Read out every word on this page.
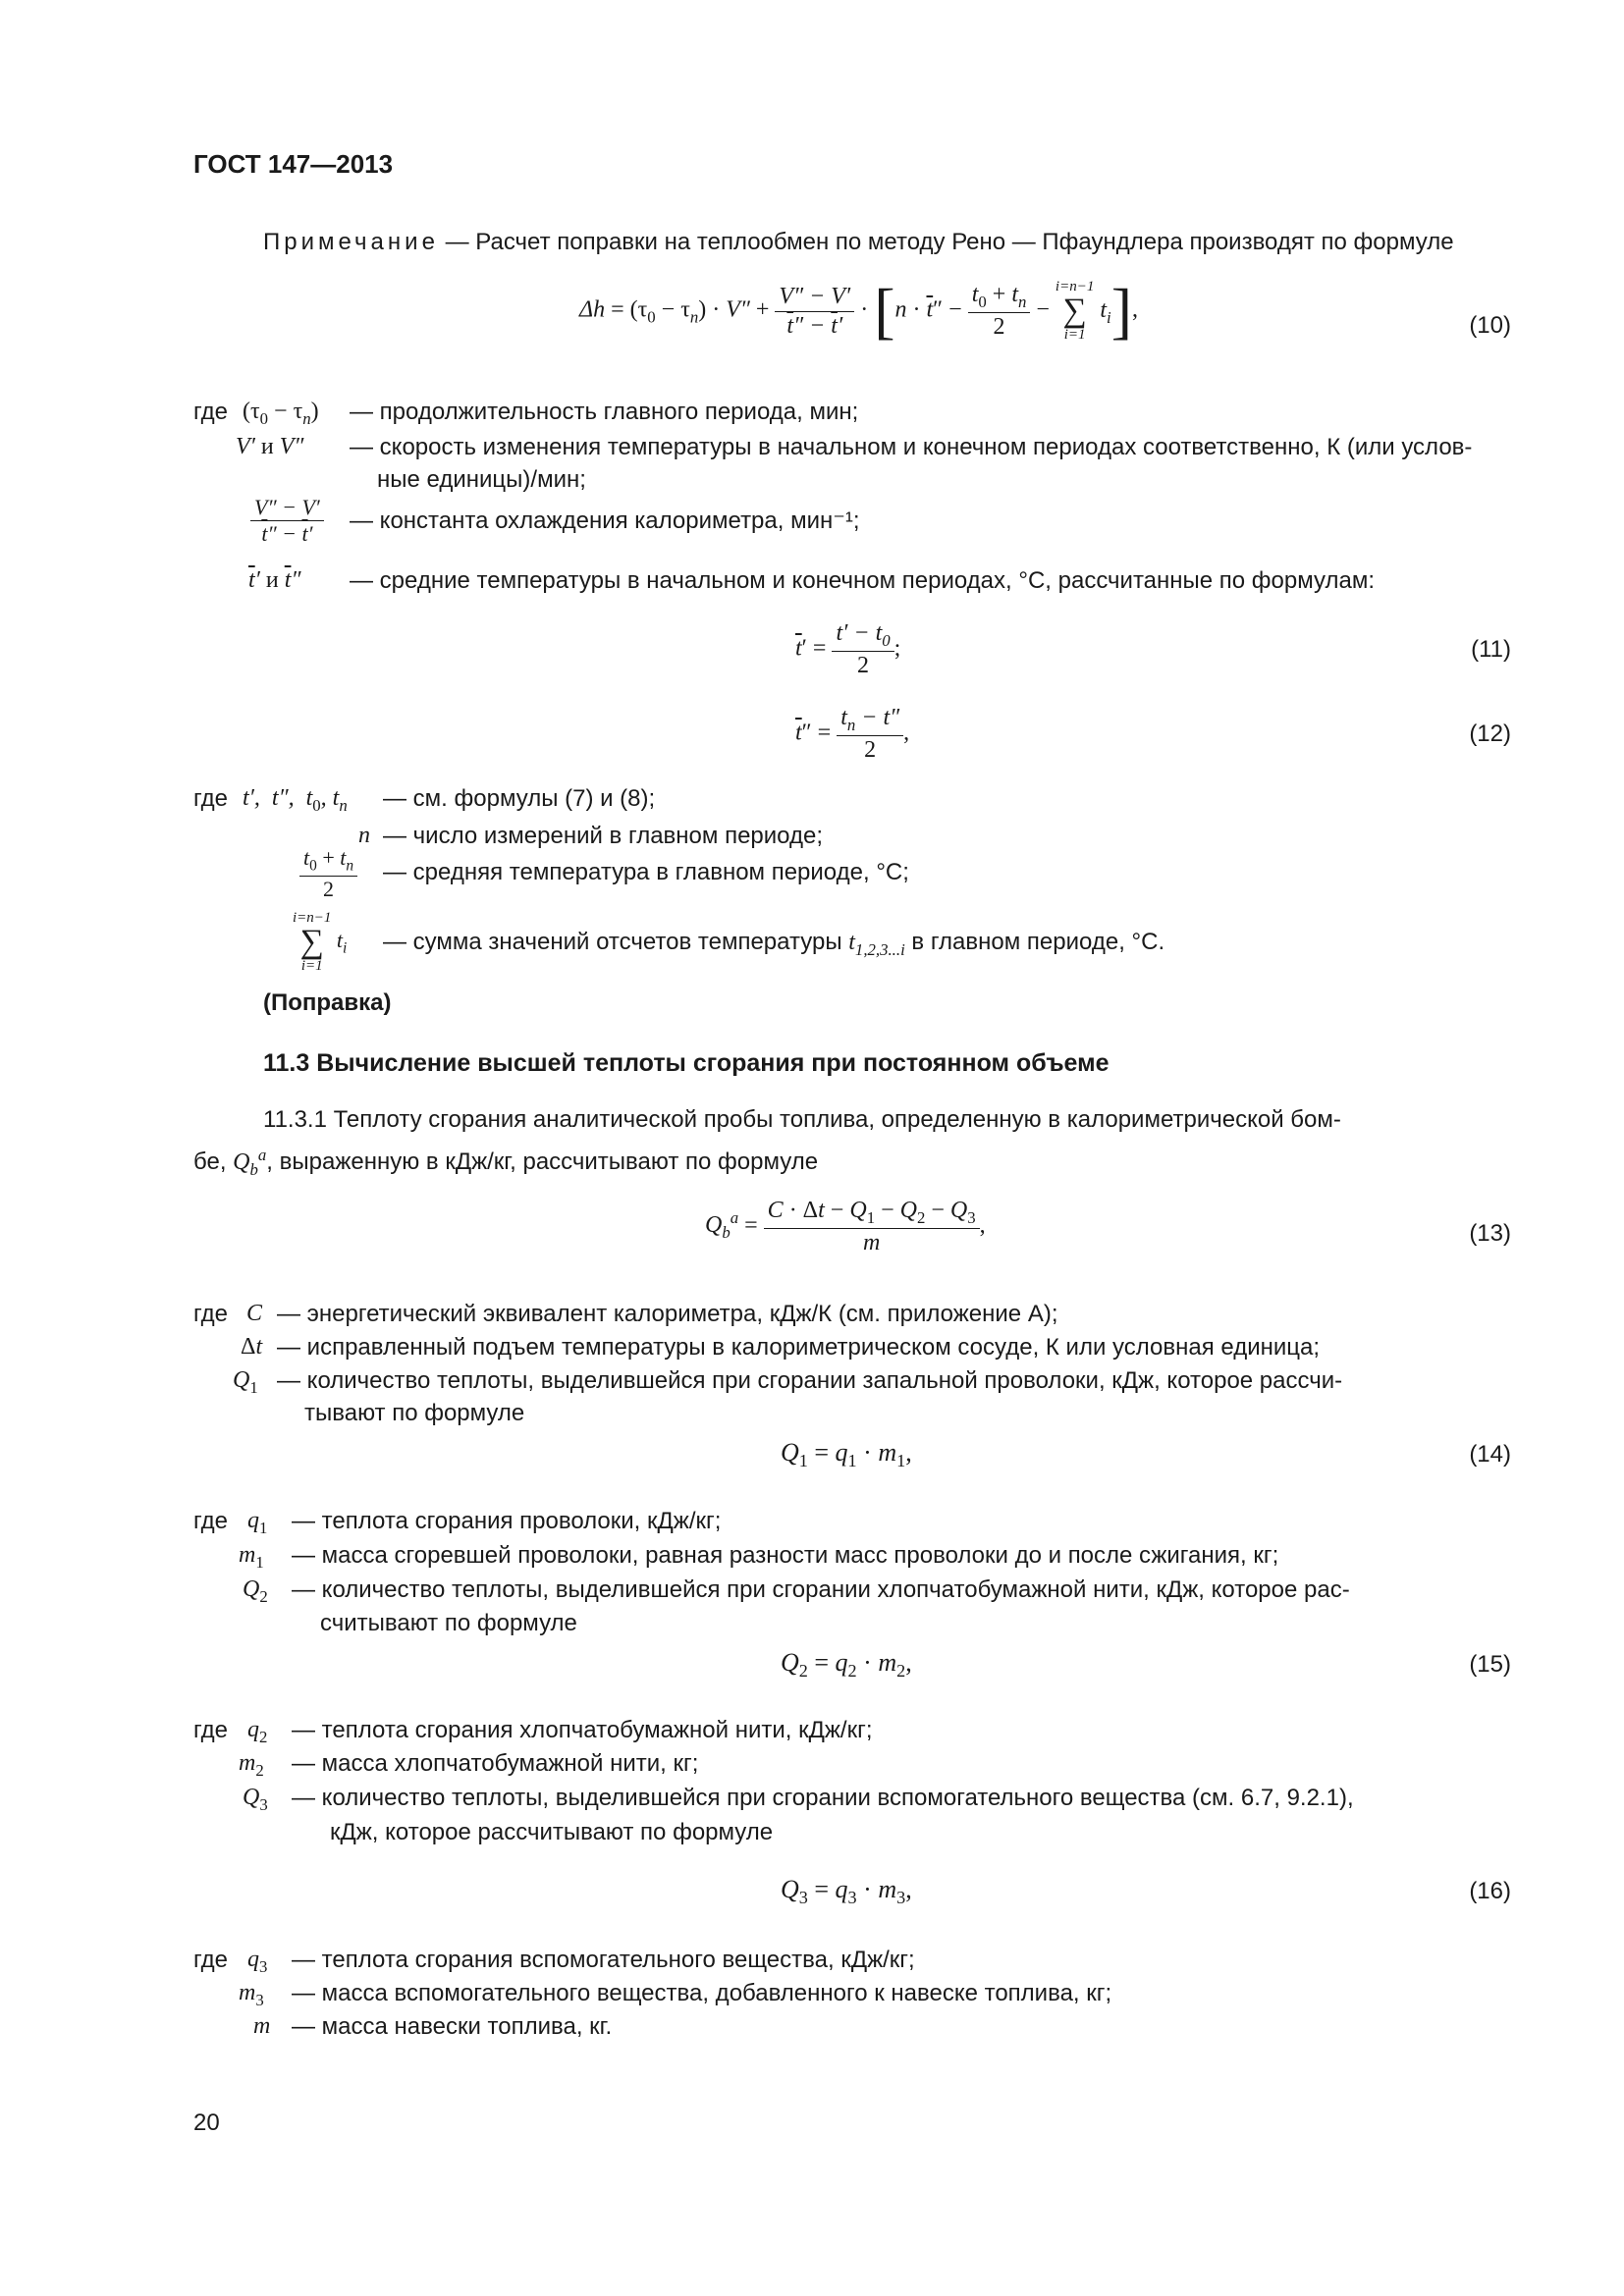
ГОСТ 147—2013
Примечание — Расчет поправки на теплообмен по методу Рено — Пфаундлера производят по формуле
$\Delta h = (\tau_0 - \tau_n) \cdot V'' + \frac{V'' - V'}{\overline{t}'' - \overline{t}'} \cdot [n \cdot \overline{t}'' - \frac{t_0 + t_n}{2}$ −
i=n−1
∑
i=1
$t_i$],
(10)
где $(\tau_0 - \tau_n)$ — продолжительность главного периода, мин;
V′ и V″ — скорость изменения температуры в начальном и конечном периодах соответственно, К (или услов-
ные единицы)/мин;
$\frac{V'' - V'}{\overline{t}'' - \overline{t}'}$ — константа охлаждения калориметра, мин⁻¹;
$\overline{t}'$ и $\overline{t}''$ — средние температуры в начальном и конечном периодах, °С, рассчитанные по формулам:
$\overline{t}' = \frac{t' - t_0}{2}$ ;	(11)
$\overline{t}'' = \frac{t_n - t''}{2}$ ,	(12)
где t′,  t″,  $t_0$, $t_n$ — см. формулы (7) и (8);
n — число измерений в главном периоде;
$\frac{t_0 + t_n}{2}$ — средняя температура в главном периоде, °С;
i=n−1
∑
i=1
$t_i$ — сумма значений отсчетов температуры $t_{1,2,3...i}$ в главном периоде, °С.
(Поправка)
11.3 Вычисление высшей теплоты сгорания при постоянном объеме
11.3.1 Теплоту сгорания аналитической пробы топлива, определенную в калориметрической бом-
бе, $Q_b^a$, выраженную в кДж/кг, рассчитывают по формуле
$Q_b^a = \frac{C \cdot \Delta t - Q_1 - Q_2 - Q_3}{m}$ ,	(13)
где C — энергетический эквивалент калориметра, кДж/К (см. приложение А);
Δt — исправленный подъем температуры в калориметрическом сосуде, К или условная единица;
$Q_1$ — количество теплоты, выделившейся при сгорании запальной проволоки, кДж, которое рассчи-
тывают по формуле
$Q_1 = q_1 \cdot m_1$,	(14)
где $q_1$ — теплота сгорания проволоки, кДж/кг;
$m_1$ — масса сгоревшей проволоки, равная разности масс проволоки до и после сжигания, кг;
$Q_2$ — количество теплоты, выделившейся при сгорании хлопчатобумажной нити, кДж, которое рас-
считывают по формуле
$Q_2 = q_2 \cdot m_2$,	(15)
где $q_2$ — теплота сгорания хлопчатобумажной нити, кДж/кг;
$m_2$ — масса хлопчатобумажной нити, кг;
$Q_3$ — количество теплоты, выделившейся при сгорании вспомогательного вещества (см. 6.7, 9.2.1),
кДж, которое рассчитывают по формуле
$Q_3 = q_3 \cdot m_3$,	(16)
где $q_3$ — теплота сгорания вспомогательного вещества, кДж/кг;
$m_3$ — масса вспомогательного вещества, добавленного к навеске топлива, кг;
m — масса навески топлива, кг.
20
